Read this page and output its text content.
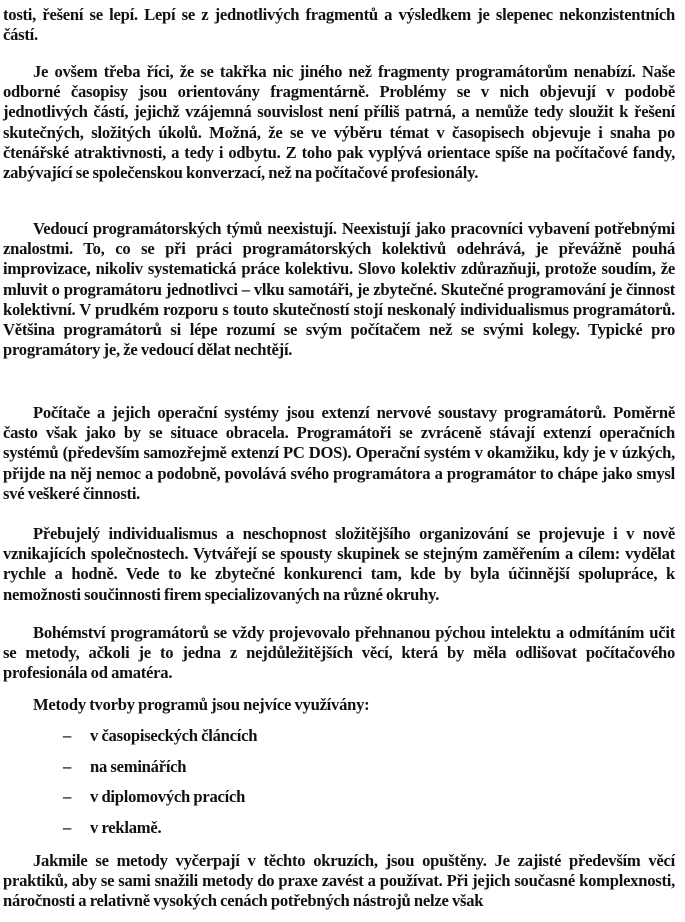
tosti, řešení se lepí. Lepí se z jednotlivých fragmentů a výsledkem je slepenec nekonzistentních částí.

Je ovšem třeba říci, že se takřka nic jiného než fragmenty programátorům nenabízí. Naše odborné časopisy jsou orientovány fragmentárně. Problémy se v nich objevují v podobě jednotlivých částí, jejichž vzájemná souvislost není příliš patrná, a nemůže tedy sloužit k řešení skutečných, složitých úkolů. Možná, že se ve výběru témat v časopisech objevuje i snaha po čtenářské atraktivnosti, a tedy i odbytu. Z toho pak vyplývá orientace spíše na počítačové fandy, zabývající se společenskou konverzací, než na počítačové profesionály.

Vedoucí programátorských týmů neexistují. Neexistují jako pracovníci vybavení potřebnými znalostmi. To, co se při práci programátorských kolektivů odehrává, je převážně pouhá improvizace, nikoliv systematická práce kolektivu. Slovo kolektiv zdůrazňuji, protože soudím, že mluvit o programátoru jednotlivci – vlku samotáři, je zbytečné. Skutečné programování je činnost kolektivní. V prudkém rozporu s touto skutečností stojí neskonalý individualismus programátorů. Většina programátorů si lépe rozumí se svým počítačem než se svými kolegy. Typické pro programátory je, že vedoucí dělat nechtějí.

Počítače a jejich operační systémy jsou extenzí nervové soustavy programátorů. Poměrně často však jako by se situace obracela. Programátoři se zvráceně stávají extenzí operačních systémů (především samozřejmě extenzí PC DOS). Operační systém v okamžiku, kdy je v úzkých, přijde na něj nemoc a podobně, povolává svého programátora a programátor to chápe jako smysl své veškeré činnosti.

Přebujelý individualismus a neschopnost složitějšího organizování se projevuje i v nově vznikajících společnostech. Vytvářejí se spousty skupinek se stejným zaměřením a cílem: vydělat rychle a hodně. Vede to ke zbytečné konkurenci tam, kde by byla účinnější spolupráce, k nemožnosti součinnosti firem specializovaných na různé okruhy.

Bohémství programátorů se vždy projevovalo přehnanou pýchou intelektu a odmítáním učit se metody, ačkoli je to jedna z nejdůležitějších věcí, která by měla odlišovat počítačového profesionála od amatéra.

Metody tvorby programů jsou nejvíce využívány:

–	v časopiseckých článcích
–	na seminářích
–	v diplomových pracích
–	v reklamě.

Jakmile se metody vyčerpají v těchto okruzích, jsou opuštěny. Je zajisté především věcí praktiků, aby se sami snažili metody do praxe zavést a používat. Při jejich současné komplexnosti, náročnosti a relativně vysokých cenách potřebných nástrojů nelze však
